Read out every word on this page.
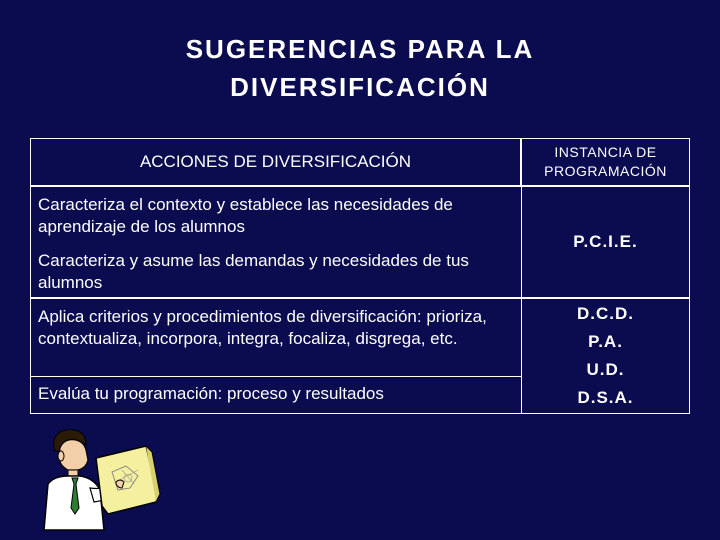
SUGERENCIAS PARA LA
DIVERSIFICACIÓN
ACCIONES DE DIVERSIFICACIÓN	INSTANCIA DE PROGRAMACIÓN
Caracteriza el contexto y establece las necesidades de aprendizaje de los alumnos
Caracteriza y asume las demandas y necesidades de tus alumnos
Aplica criterios y procedimientos de diversificación: prioriza, contextualiza, incorpora, integra, focaliza, disgrega, etc.
Evalúa tu programación: proceso y resultados
P.C.I.E.
D.C.D.
P.A.
U.D.
D.S.A.
